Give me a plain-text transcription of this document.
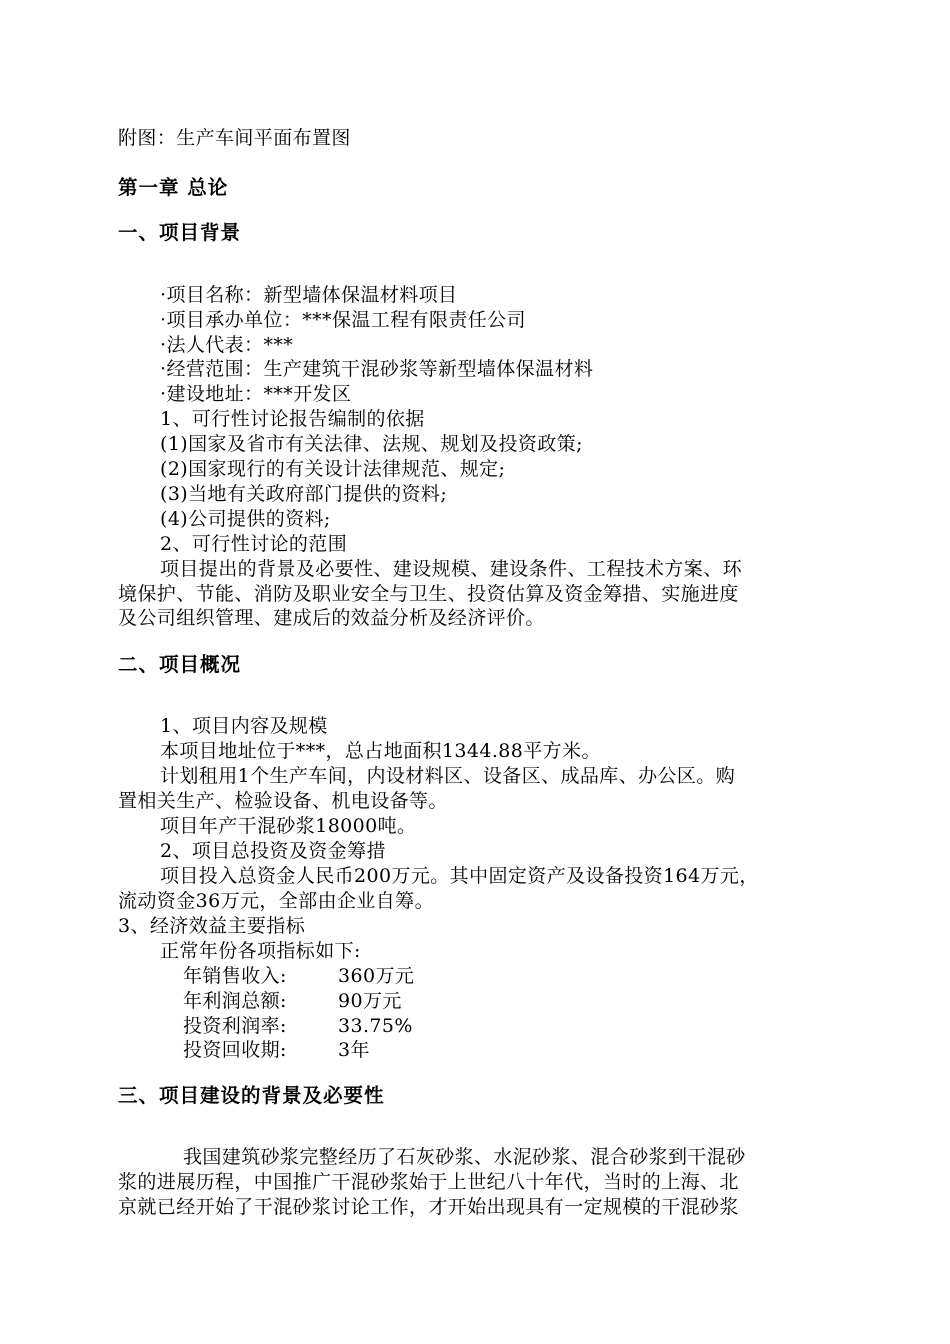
附图：生产车间平面布置图
第一章 总论
一、项目背景
·项目名称：新型墙体保温材料项目
·项目承办单位：***保温工程有限责任公司
·法人代表：***
·经营范围：生产建筑干混砂浆等新型墙体保温材料
·建设地址：***开发区
1、可行性讨论报告编制的依据
(1)国家及省市有关法律、法规、规划及投资政策;
(2)国家现行的有关设计法律规范、规定;
(3)当地有关政府部门提供的资料;
(4)公司提供的资料;
2、可行性讨论的范围
项目提出的背景及必要性、建设规模、建设条件、工程技术方案、环
境保护、节能、消防及职业安全与卫生、投资估算及资金筹措、实施进度
及公司组织管理、建成后的效益分析及经济评价。
二、项目概况
1、项目内容及规模
本项目地址位于***，总占地面积1344.88平方米。
计划租用1个生产车间，内设材料区、设备区、成品库、办公区。购
置相关生产、检验设备、机电设备等。
项目年产干混砂浆18000吨。
2、项目总投资及资金筹措
项目投入总资金人民币200万元。其中固定资产及设备投资164万元，
流动资金36万元，全部由企业自筹。
3、经济效益主要指标
正常年份各项指标如下:
年销售收入:	360万元
年利润总额:	90万元
投资利润率:	33.75%
投资回收期:	3年
三、项目建设的背景及必要性
我国建筑砂浆完整经历了石灰砂浆、水泥砂浆、混合砂浆到干混砂
浆的进展历程，中国推广干混砂浆始于上世纪八十年代，当时的上海、北
京就已经开始了干混砂浆讨论工作，才开始出现具有一定规模的干混砂浆
